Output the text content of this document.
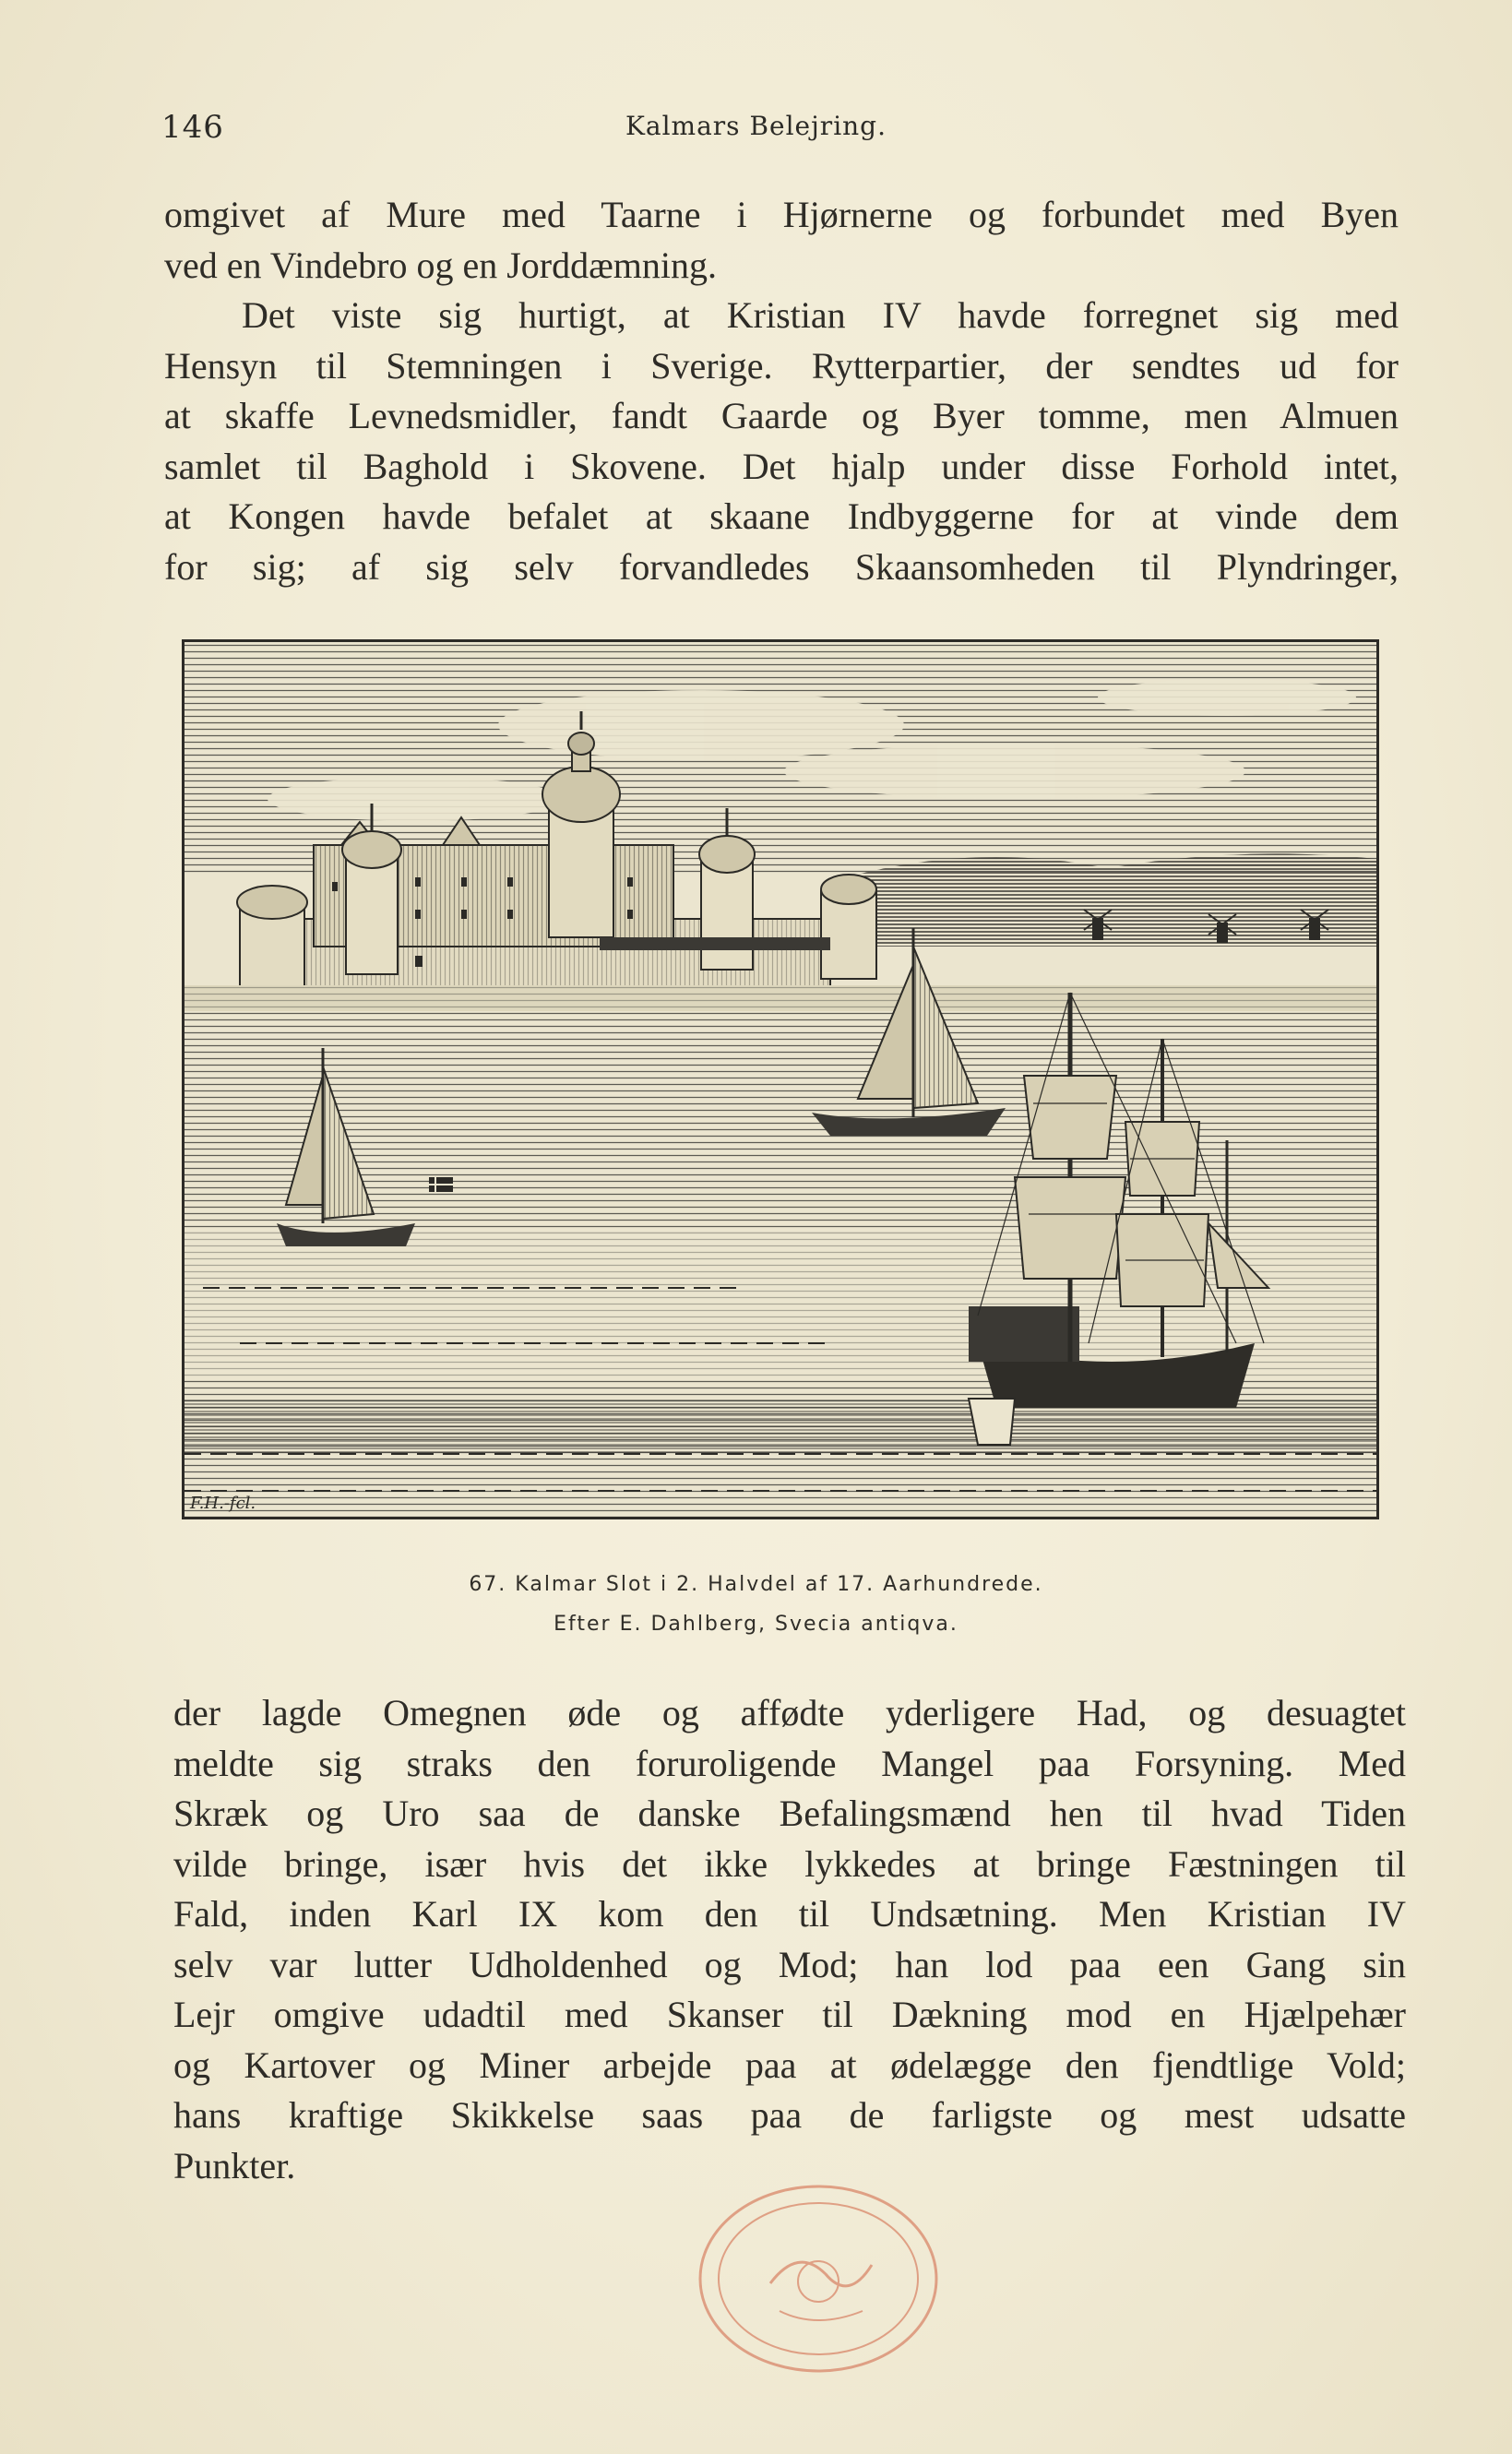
146	Kalmars Belejring.
omgivet af Mure med Taarne i Hjørnerne og forbundet med Byen
ved en Vindebro og en Jorddæmning.
Det viste sig hurtigt, at Kristian IV havde forregnet sig med
Hensyn til Stemningen i Sverige. Rytterpartier, der sendtes ud for
at skaffe Levnedsmidler, fandt Gaarde og Byer tomme, men Almuen
samlet til Baghold i Skovene. Det hjalp under disse Forhold intet,
at Kongen havde befalet at skaane Indbyggerne for at vinde dem
for sig; af sig selv forvandledes Skaansomheden til Plyndringer,
F.H.-fcl.
67. Kalmar Slot i 2. Halvdel af 17. Aarhundrede.
Efter E. Dahlberg, Svecia antiqva.
der lagde Omegnen øde og affødte yderligere Had, og desuagtet
meldte sig straks den foruroligende Mangel paa Forsyning. Med
Skræk og Uro saa de danske Befalingsmænd hen til hvad Tiden
vilde bringe, især hvis det ikke lykkedes at bringe Fæstningen til
Fald, inden Karl IX kom den til Undsætning. Men Kristian IV
selv var lutter Udholdenhed og Mod; han lod paa een Gang sin
Lejr omgive udadtil med Skanser til Dækning mod en Hjælpehær
og Kartover og Miner arbejde paa at ødelægge den fjendtlige Vold;
hans kraftige Skikkelse saas paa de farligste og mest udsatte
Punkter.
